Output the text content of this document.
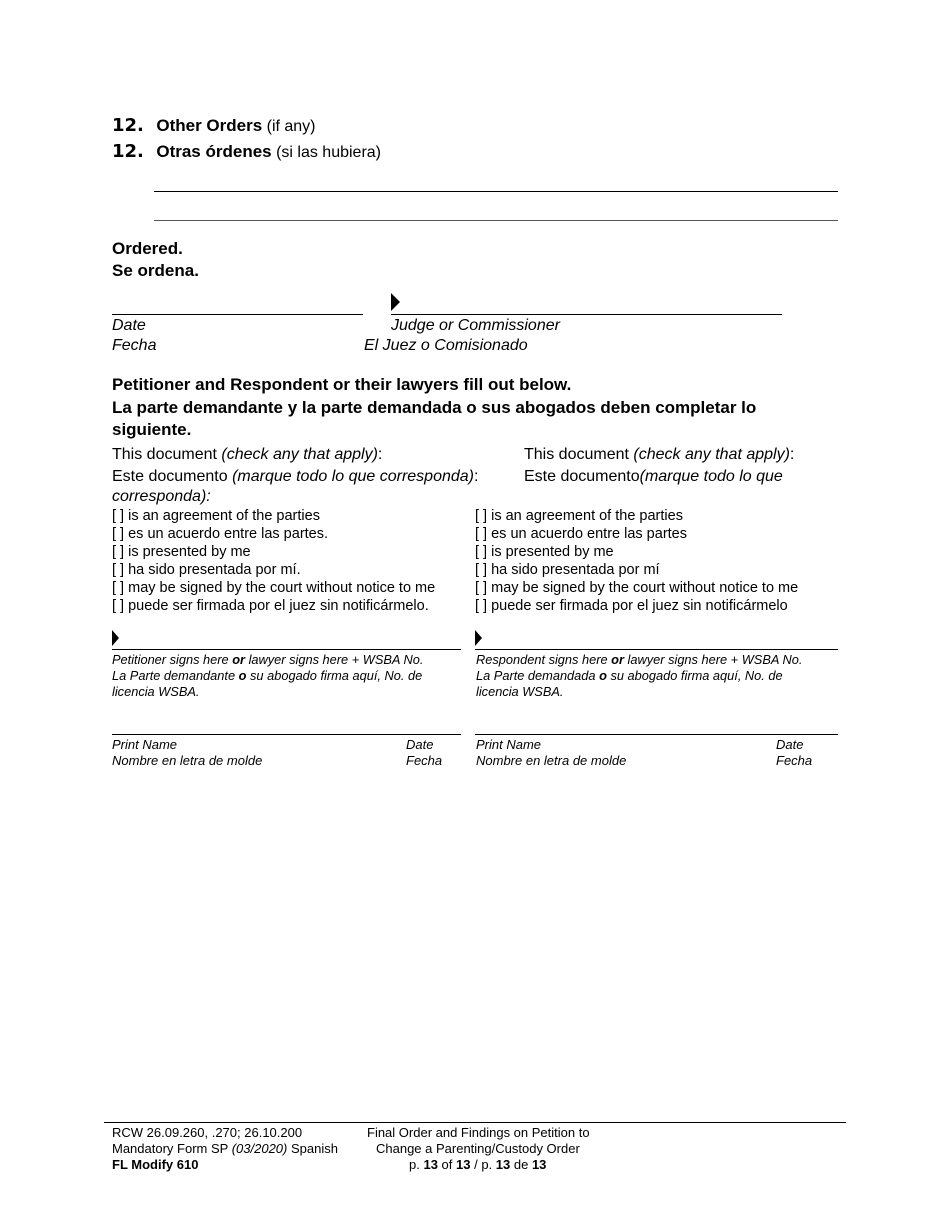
12. Other Orders (if any)
12. Otras órdenes (si las hubiera)
Ordered.
Se ordena.
Date
Fecha
Judge or Commissioner
El Juez o Comisionado
Petitioner and Respondent or their lawyers fill out below.
La parte demandante y la parte demandada o sus abogados deben completar lo
siguiente.
This document (check any that apply):
Este documento (marque todo lo que corresponda):
corresponda):
[ ] is an agreement of the parties
[ ] es un acuerdo entre las partes.
[ ] is presented by me
[ ] ha sido presentada por mí.
[ ] may be signed by the court without notice to me
[ ] puede ser firmada por el juez sin notificármelo.
Petitioner signs here or lawyer signs here + WSBA No.
La Parte demandante o su abogado firma aquí, No. de
licencia WSBA.
Print Name
Nombre en letra de molde
Date
Fecha
This document (check any that apply):
Este documento(marque todo lo que
[ ] is an agreement of the parties
[ ] es un acuerdo entre las partes
[ ] is presented by me
[ ] ha sido presentada por mí
[ ] may be signed by the court without notice to me
[ ] puede ser firmada por el juez sin notificármelo
Respondent signs here or lawyer signs here + WSBA No.
La Parte demandada o su abogado firma aquí, No. de
licencia WSBA.
Print Name
Nombre en letra de molde
Date
Fecha
RCW 26.09.260, .270; 26.10.200
Mandatory Form SP (03/2020) Spanish
FL Modify 610
Final Order and Findings on Petition to
Change a Parenting/Custody Order
p. 13 of 13 / p. 13 de 13
